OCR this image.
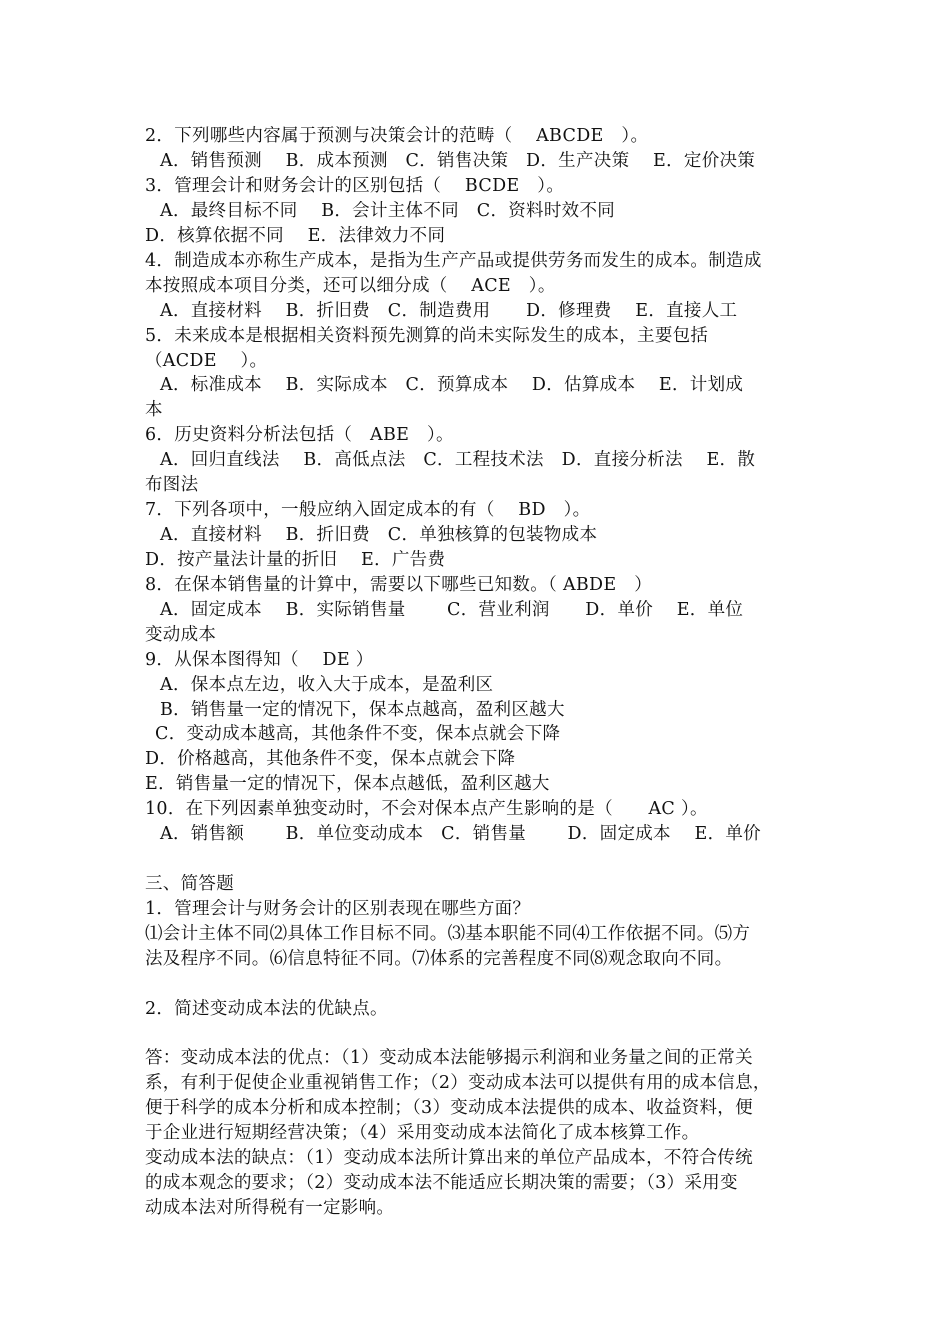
2．下列哪些内容属于预测与决策会计的范畴（　 ABCDE　）。
A．销售预测　 B．成本预测　C．销售决策　D．生产决策　 E．定价决策
3．管理会计和财务会计的区别包括（　 BCDE　）。
A．最终目标不同　 B．会计主体不同　C．资料时效不同
D．核算依据不同　 E．法律效力不同
4．制造成本亦称生产成本，是指为生产产品或提供劳务而发生的成本。制造成
本按照成本项目分类，还可以细分成（　 ACE　）。
A．直接材料　 B．折旧费　C．制造费用　　D．修理费　 E．直接人工
5．未来成本是根据相关资料预先测算的尚未实际发生的成本，主要包括
（ACDE　 ）。
A．标准成本　 B．实际成本　C．预算成本　 D．估算成本　 E．计划成
本
6．历史资料分析法包括（　ABE　）。
A．回归直线法　 B．高低点法　C．工程技术法　D．直接分析法　 E．散
布图法
7．下列各项中，一般应纳入固定成本的有（　 BD　）。
A．直接材料　 B．折旧费　C．单独核算的包装物成本
D．按产量法计量的折旧　 E．广告费
8．在保本销售量的计算中，需要以下哪些已知数。（ ABDE　）
A．固定成本　 B．实际销售量　　 C．营业利润　　D．单价　 E．单位
变动成本
9．从保本图得知（　 DE ）
A．保本点左边，收入大于成本，是盈利区
B．销售量一定的情况下，保本点越高，盈利区越大
C．变动成本越高，其他条件不变，保本点就会下降
D．价格越高，其他条件不变，保本点就会下降
E．销售量一定的情况下，保本点越低，盈利区越大
10．在下列因素单独变动时，不会对保本点产生影响的是（　　AC ）。
A．销售额　　 B．单位变动成本　C．销售量　　 D．固定成本　 E．单价
三、简答题
1．管理会计与财务会计的区别表现在哪些方面？
⑴会计主体不同⑵具体工作目标不同。⑶基本职能不同⑷工作依据不同。⑸方
法及程序不同。⑹信息特征不同。⑺体系的完善程度不同⑻观念取向不同。
2．简述变动成本法的优缺点。
答：变动成本法的优点：（1）变动成本法能够揭示利润和业务量之间的正常关
系，有利于促使企业重视销售工作；（2）变动成本法可以提供有用的成本信息，
便于科学的成本分析和成本控制；（3）变动成本法提供的成本、收益资料，便
于企业进行短期经营决策；（4）采用变动成本法简化了成本核算工作。
变动成本法的缺点：（1）变动成本法所计算出来的单位产品成本，不符合传统
的成本观念的要求；（2）变动成本法不能适应长期决策的需要；（3）采用变
动成本法对所得税有一定影响。
